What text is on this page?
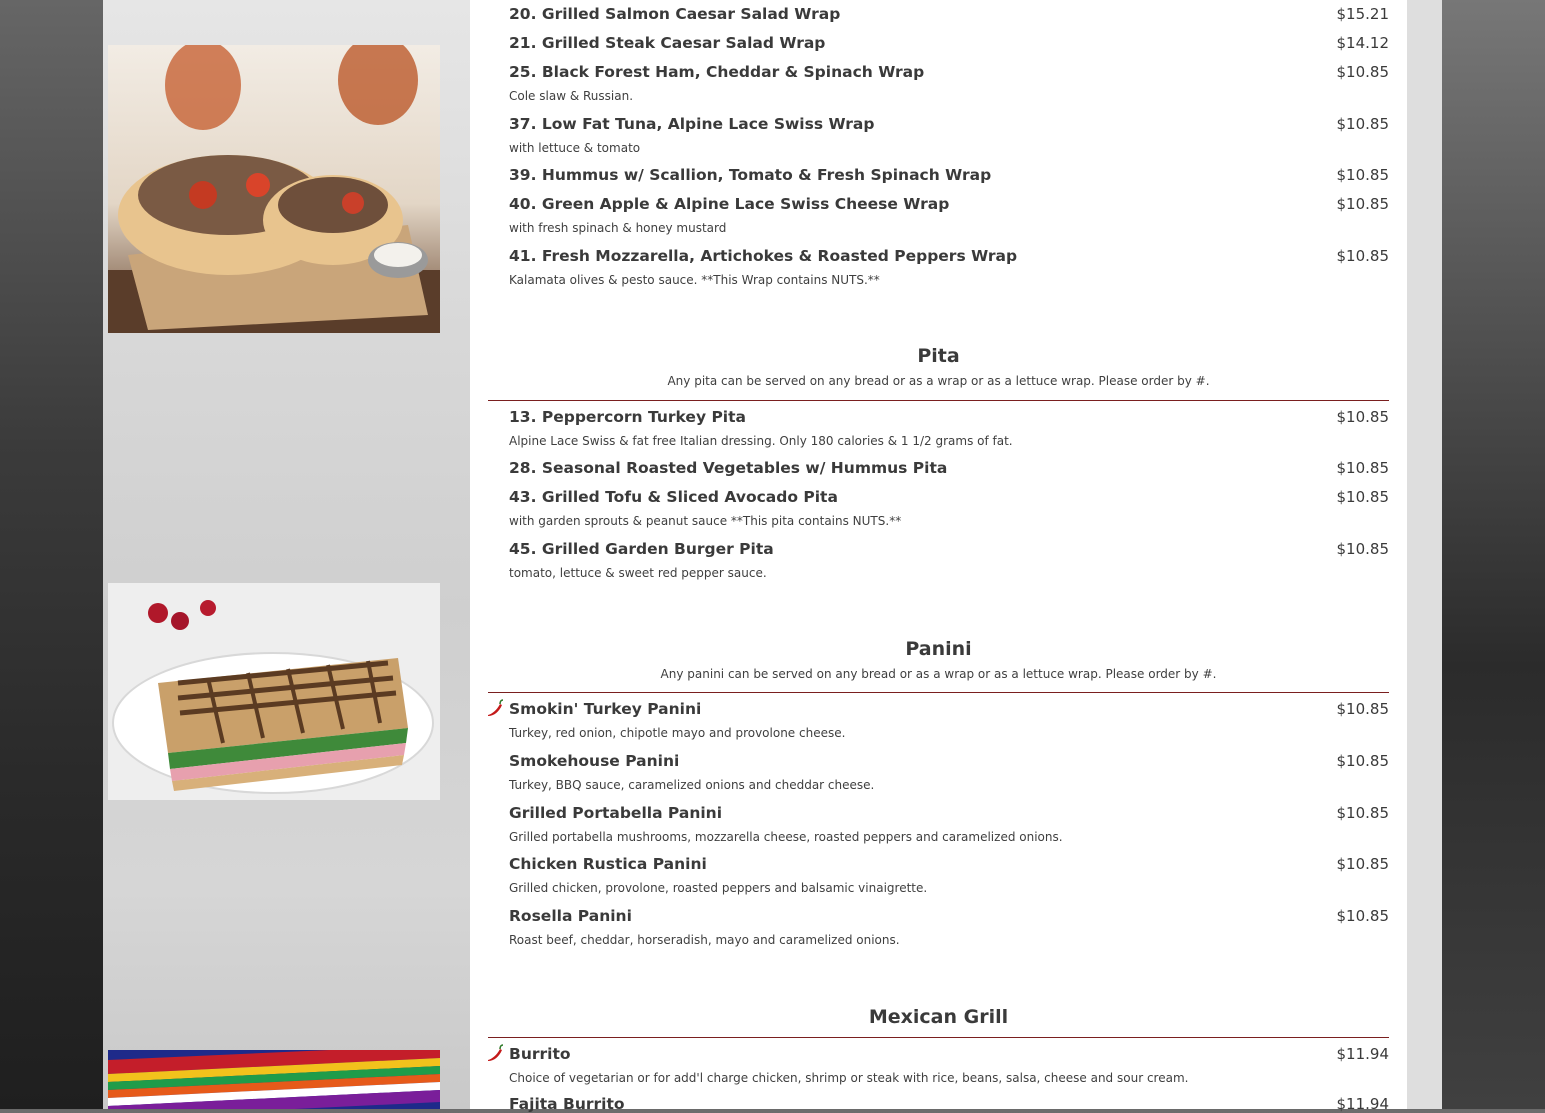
20. Grilled Salmon Caesar Salad Wrap	$15.21
21. Grilled Steak Caesar Salad Wrap	$14.12
25. Black Forest Ham, Cheddar & Spinach Wrap	$10.85
Cole slaw & Russian.
37. Low Fat Tuna, Alpine Lace Swiss Wrap	$10.85
with lettuce & tomato
39. Hummus w/ Scallion, Tomato & Fresh Spinach Wrap	$10.85
40. Green Apple & Alpine Lace Swiss Cheese Wrap	$10.85
with fresh spinach & honey mustard
41. Fresh Mozzarella, Artichokes & Roasted Peppers Wrap	$10.85
Kalamata olives & pesto sauce. **This Wrap contains NUTS.**
Pita
Any pita can be served on any bread or as a wrap or as a lettuce wrap. Please order by #.
13. Peppercorn Turkey Pita	$10.85
Alpine Lace Swiss & fat free Italian dressing. Only 180 calories & 1 1/2 grams of fat.
28. Seasonal Roasted Vegetables w/ Hummus Pita	$10.85
43. Grilled Tofu & Sliced Avocado Pita	$10.85
with garden sprouts & peanut sauce **This pita contains NUTS.**
45. Grilled Garden Burger Pita	$10.85
tomato, lettuce & sweet red pepper sauce.
Panini
Any panini can be served on any bread or as a wrap or as a lettuce wrap. Please order by #.
Smokin' Turkey Panini	$10.85
Turkey, red onion, chipotle mayo and provolone cheese.
Smokehouse Panini	$10.85
Turkey, BBQ sauce, caramelized onions and cheddar cheese.
Grilled Portabella Panini	$10.85
Grilled portabella mushrooms, mozzarella cheese, roasted peppers and caramelized onions.
Chicken Rustica Panini	$10.85
Grilled chicken, provolone, roasted peppers and balsamic vinaigrette.
Rosella Panini	$10.85
Roast beef, cheddar, horseradish, mayo and caramelized onions.
Mexican Grill
Burrito	$11.94
Choice of vegetarian or for add'l charge chicken, shrimp or steak with rice, beans, salsa, cheese and sour cream.
Fajita Burrito	$11.94
